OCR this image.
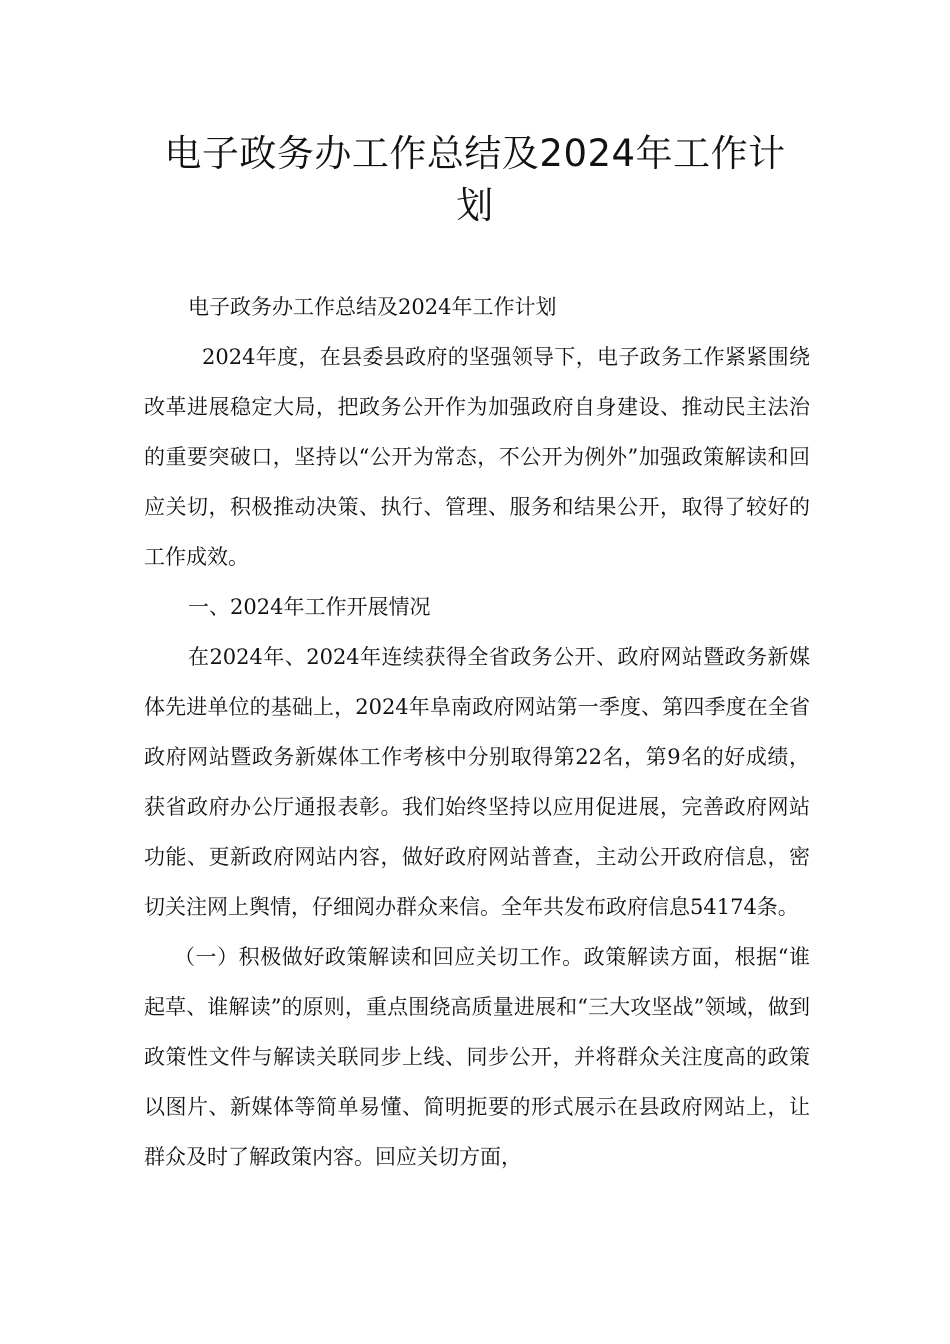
电子政务办工作总结及2024年工作计划

电子政务办工作总结及2024年工作计划

2024年度，在县委县政府的坚强领导下，电子政务工作紧紧围绕改革进展稳定大局，把政务公开作为加强政府自身建设、推动民主法治的重要突破口，坚持以“公开为常态，不公开为例外”加强政策解读和回应关切，积极推动决策、执行、管理、服务和结果公开，取得了较好的工作成效。

一、2024年工作开展情况

在2024年、2024年连续获得全省政务公开、政府网站暨政务新媒体先进单位的基础上，2024年阜南政府网站第一季度、第四季度在全省政府网站暨政务新媒体工作考核中分别取得第22名，第9名的好成绩，获省政府办公厅通报表彰。我们始终坚持以应用促进展，完善政府网站功能、更新政府网站内容，做好政府网站普查，主动公开政府信息，密切关注网上舆情，仔细阅办群众来信。全年共发布政府信息54174条。

（一）积极做好政策解读和回应关切工作。政策解读方面，根据“谁起草、谁解读”的原则，重点围绕高质量进展和“三大攻坚战”领域，做到政策性文件与解读关联同步上线、同步公开，并将群众关注度高的政策以图片、新媒体等简单易懂、简明扼要的形式展示在县政府网站上，让群众及时了解政策内容。回应关切方面，
